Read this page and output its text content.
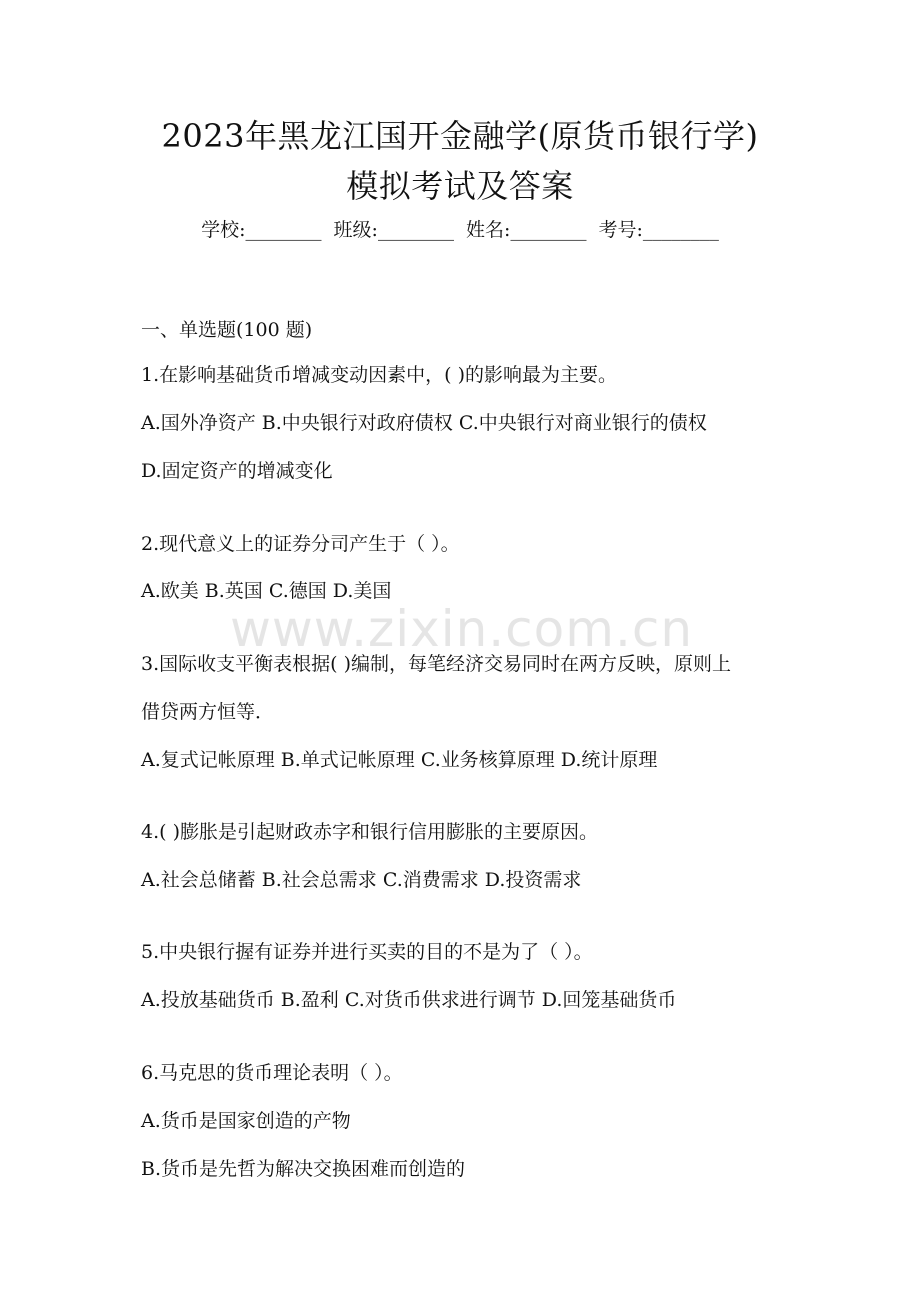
2023年黑龙江国开金融学(原货币银行学)
模拟考试及答案
学校:________  班级:________  姓名:________  考号:________
www.zixin.com.cn
一、单选题(100 题)
1.在影响基础货币增减变动因素中，( )的影响最为主要。
A.国外净资产 B.中央银行对政府债权 C.中央银行对商业银行的债权
D.固定资产的增减变化
2.现代意义上的证券分司产生于（ ）。
A.欧美 B.英国 C.德国 D.美国
3.国际收支平衡表根据( )编制，每笔经济交易同时在两方反映，原则上
借贷两方恒等．
A.复式记帐原理 B.单式记帐原理 C.业务核算原理 D.统计原理
4.( )膨胀是引起财政赤字和银行信用膨胀的主要原因。
A.社会总储蓄 B.社会总需求 C.消费需求 D.投资需求
5.中央银行握有证券并进行买卖的目的不是为了（ ）。
A.投放基础货币 B.盈利 C.对货币供求进行调节 D.回笼基础货币
6.马克思的货币理论表明（ ）。
A.货币是国家创造的产物
B.货币是先哲为解决交换困难而创造的
